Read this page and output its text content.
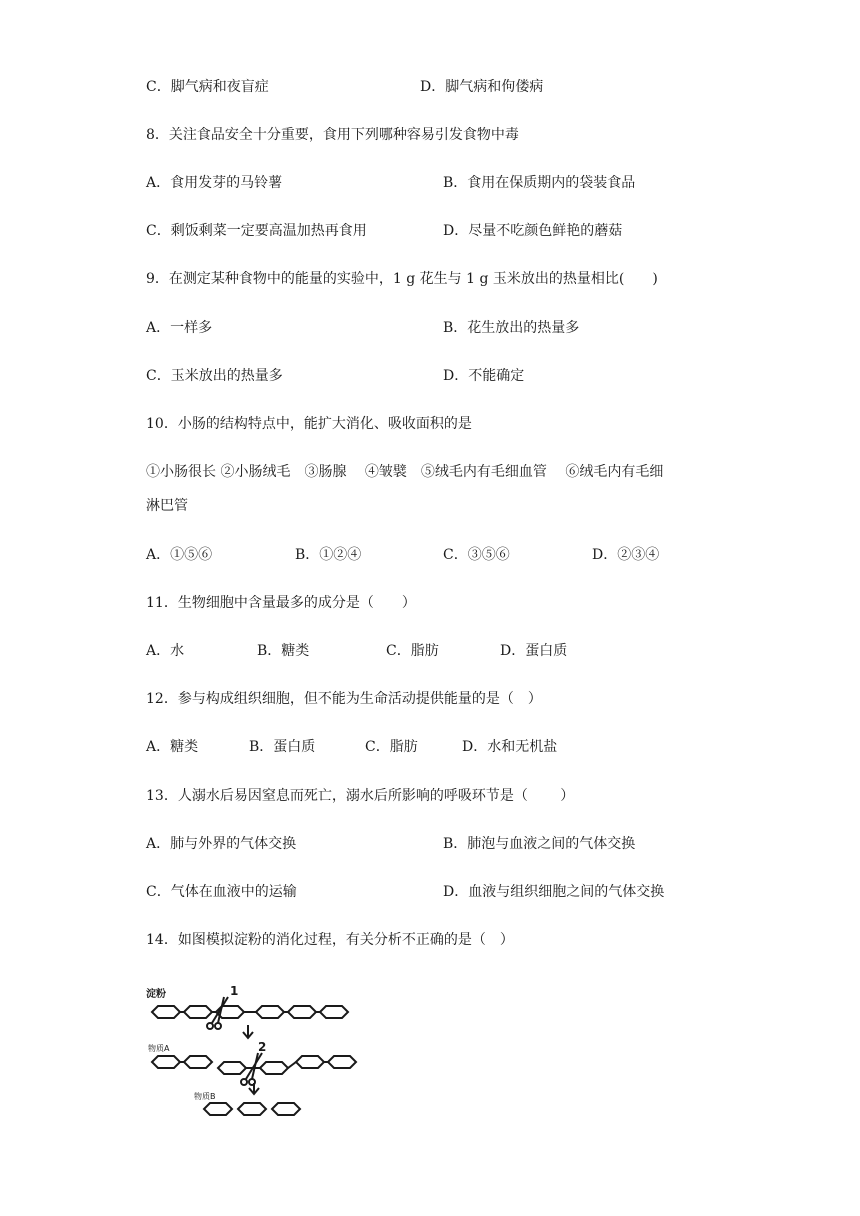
C．脚气病和夜盲症	D．脚气病和佝偻病
8．关注食品安全十分重要，食用下列哪种容易引发食物中毒
A．食用发芽的马铃薯	B．食用在保质期内的袋装食品
C．剩饭剩菜一定要高温加热再食用	D．尽量不吃颜色鲜艳的蘑菇
9．在测定某种食物中的能量的实验中，1 g 花生与 1 g 玉米放出的热量相比(　　)
A．一样多	B．花生放出的热量多
C．玉米放出的热量多	D．不能确定
10．小肠的结构特点中，能扩大消化、吸收面积的是
①小肠很长 ②小肠绒毛　③肠腺　 ④皱襞　⑤绒毛内有毛细血管　 ⑥绒毛内有毛细
淋巴管
A．①⑤⑥	B．①②④	C．③⑤⑥	D．②③④
11．生物细胞中含量最多的成分是（　　）
A．水	B．糖类	C．脂肪	D．蛋白质
12．参与构成组织细胞，但不能为生命活动提供能量的是（　）
A．糖类	B．蛋白质	C．脂肪	D．水和无机盐
13．人溺水后易因窒息而死亡，溺水后所影响的呼吸环节是（　　 ）
A．肺与外界的气体交换	B．肺泡与血液之间的气体交换
C．气体在血液中的运输	D．血液与组织细胞之间的气体交换
14．如图模拟淀粉的消化过程，有关分析不正确的是（　）
淀粉	1
物质A	2
物质B
